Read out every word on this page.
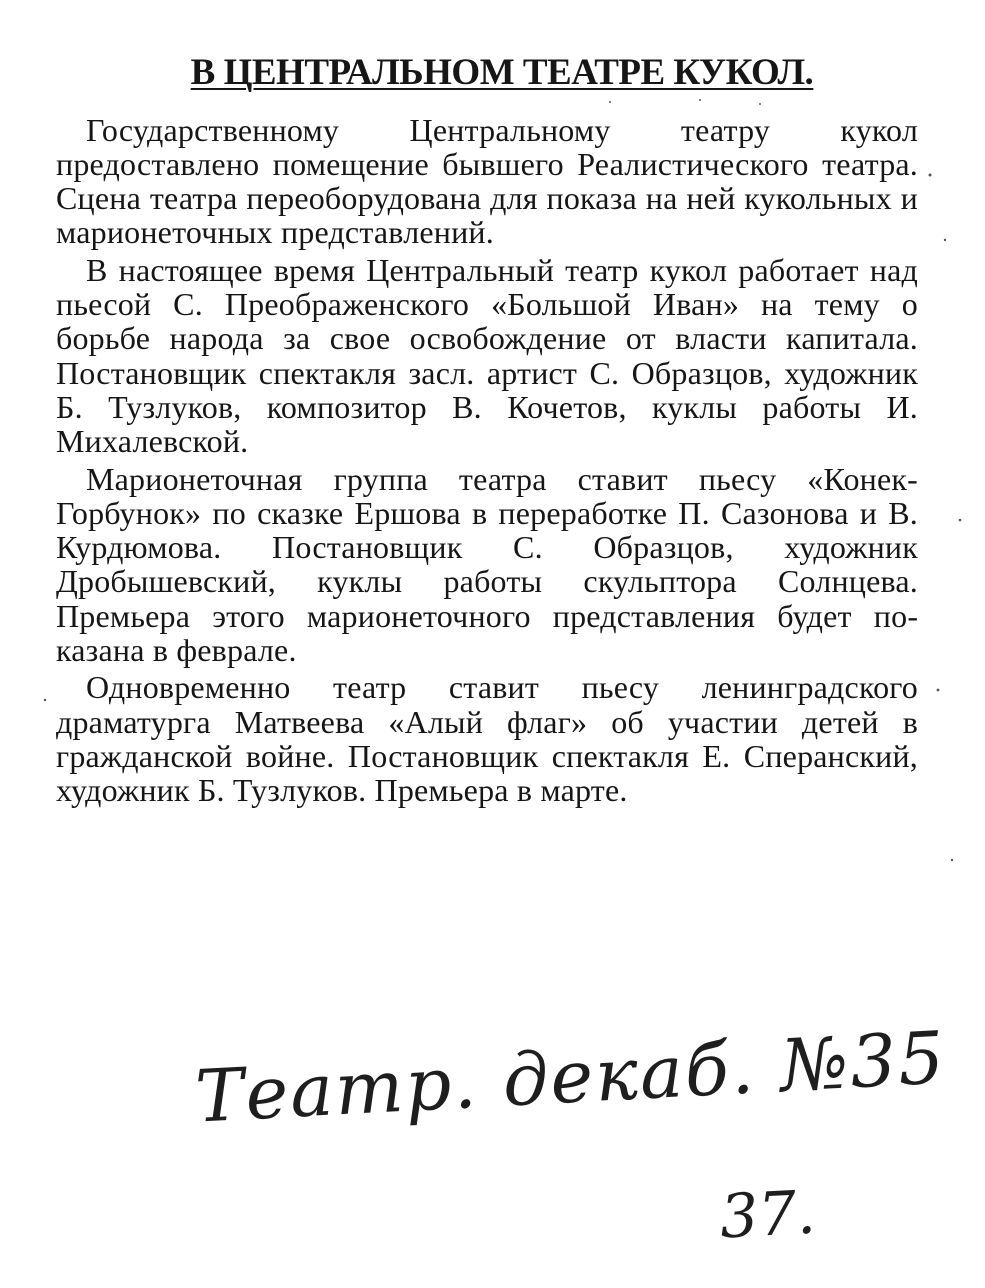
В ЦЕНТРАЛЬНОМ ТЕАТРЕ КУКОЛ.

Государственному Центральному театру кукол предоставлено помещение бывшего Реалистического театра. Сцена театра переоборудована для показа на ней кукольных и марионеточных представлений.

В настоящее время Центральный театр кукол работает над пьесой С. Преображенского «Большой Иван» на тему о борьбе народа за свое освобождение от власти капитала. Постановщик спектакля засл. артист С. Образцов, художник Б. Тузлуков, композитор В. Кочетов, куклы работы И. Михалевской.

Марионеточная группа театра ставит пьесу «Конек-Горбунок» по сказке Ершова в переработке П. Сазонова и В. Курдюмова. Постановщик С. Образцов, художник Дробышевский, куклы работы скульптора Солнцева. Премьера этого марионеточного представления будет показана в феврале.

Одновременно театр ставит пьесу ленинградского драматурга Матвеева «Алый флаг» об участии детей в гражданской войне. Постановщик спектакля Е. Сперанский, художник Б. Тузлуков. Премьера в марте.

Театр. декаб. №35
37.
